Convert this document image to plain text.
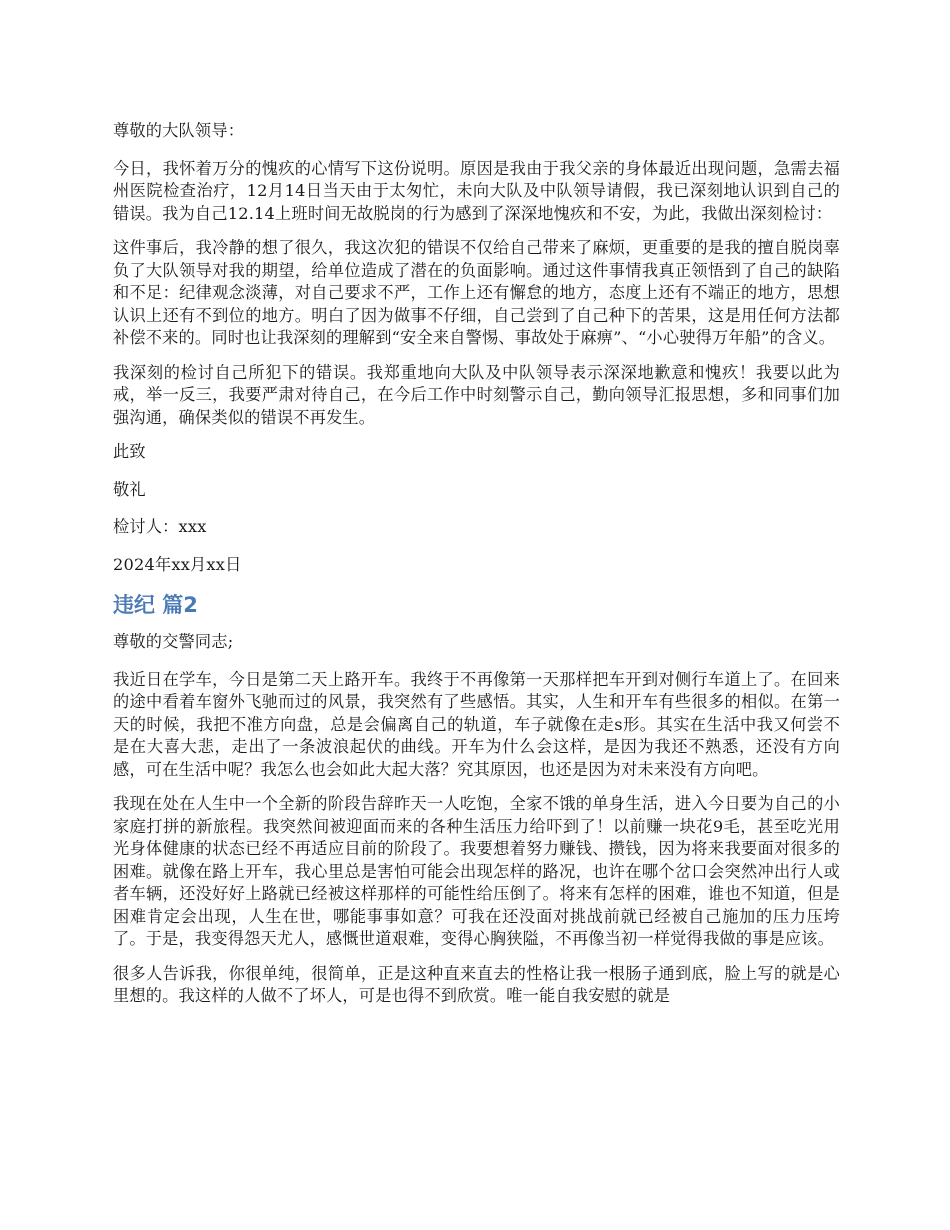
尊敬的大队领导：

今日，我怀着万分的愧疚的心情写下这份说明。原因是我由于我父亲的身体最近出现问题，急需去福州医院检查治疗，12月14日当天由于太匆忙，未向大队及中队领导请假，我已深刻地认识到自己的错误。我为自己12.14上班时间无故脱岗的行为感到了深深地愧疚和不安，为此，我做出深刻检讨：

这件事后，我冷静的想了很久，我这次犯的错误不仅给自己带来了麻烦，更重要的是我的擅自脱岗辜负了大队领导对我的期望，给单位造成了潜在的负面影响。通过这件事情我真正领悟到了自己的缺陷和不足：纪律观念淡薄，对自己要求不严，工作上还有懈怠的地方，态度上还有不端正的地方，思想认识上还有不到位的地方。明白了因为做事不仔细，自己尝到了自己种下的苦果，这是用任何方法都补偿不来的。同时也让我深刻的理解到“安全来自警惕、事故处于麻痹”、“小心驶得万年船”的含义。

我深刻的检讨自己所犯下的错误。我郑重地向大队及中队领导表示深深地歉意和愧疚！我要以此为戒，举一反三，我要严肃对待自己，在今后工作中时刻警示自己，勤向领导汇报思想，多和同事们加强沟通，确保类似的错误不再发生。

此致

敬礼

检讨人：xxx

2024年xx月xx日

违纪 篇2

尊敬的交警同志;

我近日在学车，今日是第二天上路开车。我终于不再像第一天那样把车开到对侧行车道上了。在回来的途中看着车窗外飞驰而过的风景，我突然有了些感悟。其实，人生和开车有些很多的相似。在第一天的时候，我把不准方向盘，总是会偏离自己的轨道，车子就像在走s形。其实在生活中我又何尝不是在大喜大悲，走出了一条波浪起伏的曲线。开车为什么会这样，是因为我还不熟悉，还没有方向感，可在生活中呢？我怎么也会如此大起大落？究其原因，也还是因为对未来没有方向吧。

我现在处在人生中一个全新的阶段告辞昨天一人吃饱，全家不饿的单身生活，进入今日要为自己的小家庭打拼的新旅程。我突然间被迎面而来的各种生活压力给吓到了！以前赚一块花9毛，甚至吃光用光身体健康的状态已经不再适应目前的阶段了。我要想着努力赚钱、攒钱，因为将来我要面对很多的困难。就像在路上开车，我心里总是害怕可能会出现怎样的路况，也许在哪个岔口会突然冲出行人或者车辆，还没好好上路就已经被这样那样的可能性给压倒了。将来有怎样的困难，谁也不知道，但是困难肯定会出现，人生在世，哪能事事如意？可我在还没面对挑战前就已经被自己施加的压力压垮了。于是，我变得怨天尤人，感慨世道艰难，变得心胸狭隘，不再像当初一样觉得我做的事是应该。

很多人告诉我，你很单纯，很简单，正是这种直来直去的性格让我一根肠子通到底，脸上写的就是心里想的。我这样的人做不了坏人，可是也得不到欣赏。唯一能自我安慰的就是
